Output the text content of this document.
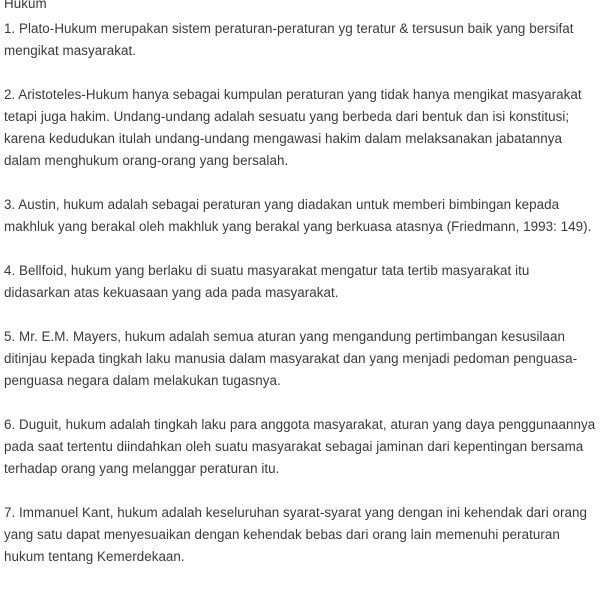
Hukum

1. Plato-Hukum merupakan sistem peraturan-peraturan yg teratur & tersusun baik yang bersifat mengikat masyarakat.

2. Aristoteles-Hukum hanya sebagai kumpulan peraturan yang tidak hanya mengikat masyarakat tetapi juga hakim. Undang-undang adalah sesuatu yang berbeda dari bentuk dan isi konstitusi; karena kedudukan itulah undang-undang mengawasi hakim dalam melaksanakan jabatannya dalam menghukum orang-orang yang bersalah.

3. Austin, hukum adalah sebagai peraturan yang diadakan untuk memberi bimbingan kepada makhluk yang berakal oleh makhluk yang berakal yang berkuasa atasnya (Friedmann, 1993: 149).

4. Bellfoid, hukum yang berlaku di suatu masyarakat mengatur tata tertib masyarakat itu didasarkan atas kekuasaan yang ada pada masyarakat.

5. Mr. E.M. Mayers, hukum adalah semua aturan yang mengandung pertimbangan kesusilaan ditinjau kepada tingkah laku manusia dalam masyarakat dan yang menjadi pedoman penguasa-penguasa negara dalam melakukan tugasnya.

6. Duguit, hukum adalah tingkah laku para anggota masyarakat, aturan yang daya penggunaannya pada saat tertentu diindahkan oleh suatu masyarakat sebagai jaminan dari kepentingan bersama terhadap orang yang melanggar peraturan itu.

7. Immanuel Kant, hukum adalah keseluruhan syarat-syarat yang dengan ini kehendak dari orang yang satu dapat menyesuaikan dengan kehendak bebas dari orang lain memenuhi peraturan hukum tentang Kemerdekaan.
